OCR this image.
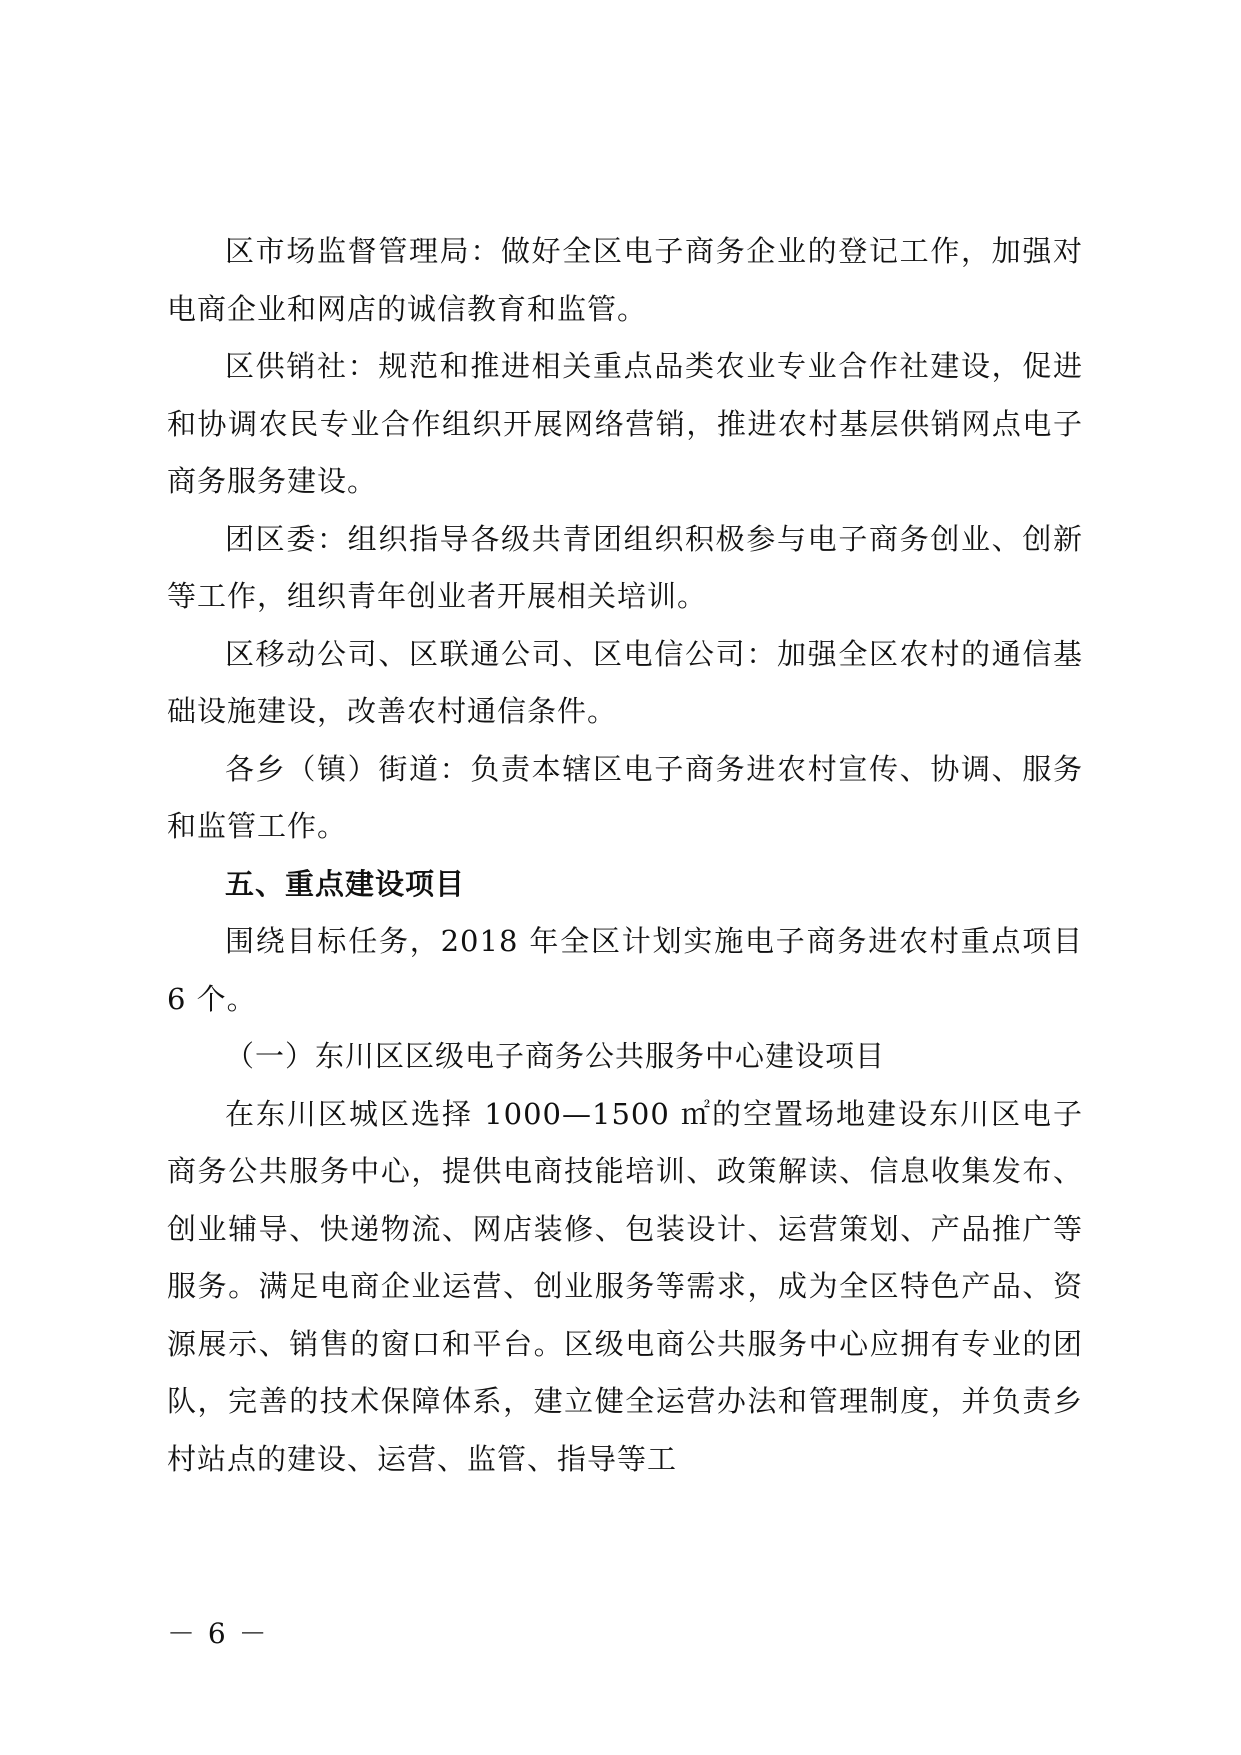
区市场监督管理局：做好全区电子商务企业的登记工作，加强对电商企业和网店的诚信教育和监管。

区供销社：规范和推进相关重点品类农业专业合作社建设，促进和协调农民专业合作组织开展网络营销，推进农村基层供销网点电子商务服务建设。

团区委：组织指导各级共青团组织积极参与电子商务创业、创新等工作，组织青年创业者开展相关培训。

区移动公司、区联通公司、区电信公司：加强全区农村的通信基础设施建设，改善农村通信条件。

各乡（镇）街道：负责本辖区电子商务进农村宣传、协调、服务和监管工作。

五、重点建设项目

围绕目标任务，2018 年全区计划实施电子商务进农村重点项目 6 个。

（一）东川区区级电子商务公共服务中心建设项目

在东川区城区选择 1000—1500 ㎡的空置场地建设东川区电子商务公共服务中心，提供电商技能培训、政策解读、信息收集发布、创业辅导、快递物流、网店装修、包装设计、运营策划、产品推广等服务。满足电商企业运营、创业服务等需求，成为全区特色产品、资源展示、销售的窗口和平台。区级电商公共服务中心应拥有专业的团队，完善的技术保障体系，建立健全运营办法和管理制度，并负责乡村站点的建设、运营、监管、指导等工

－ 6 －
